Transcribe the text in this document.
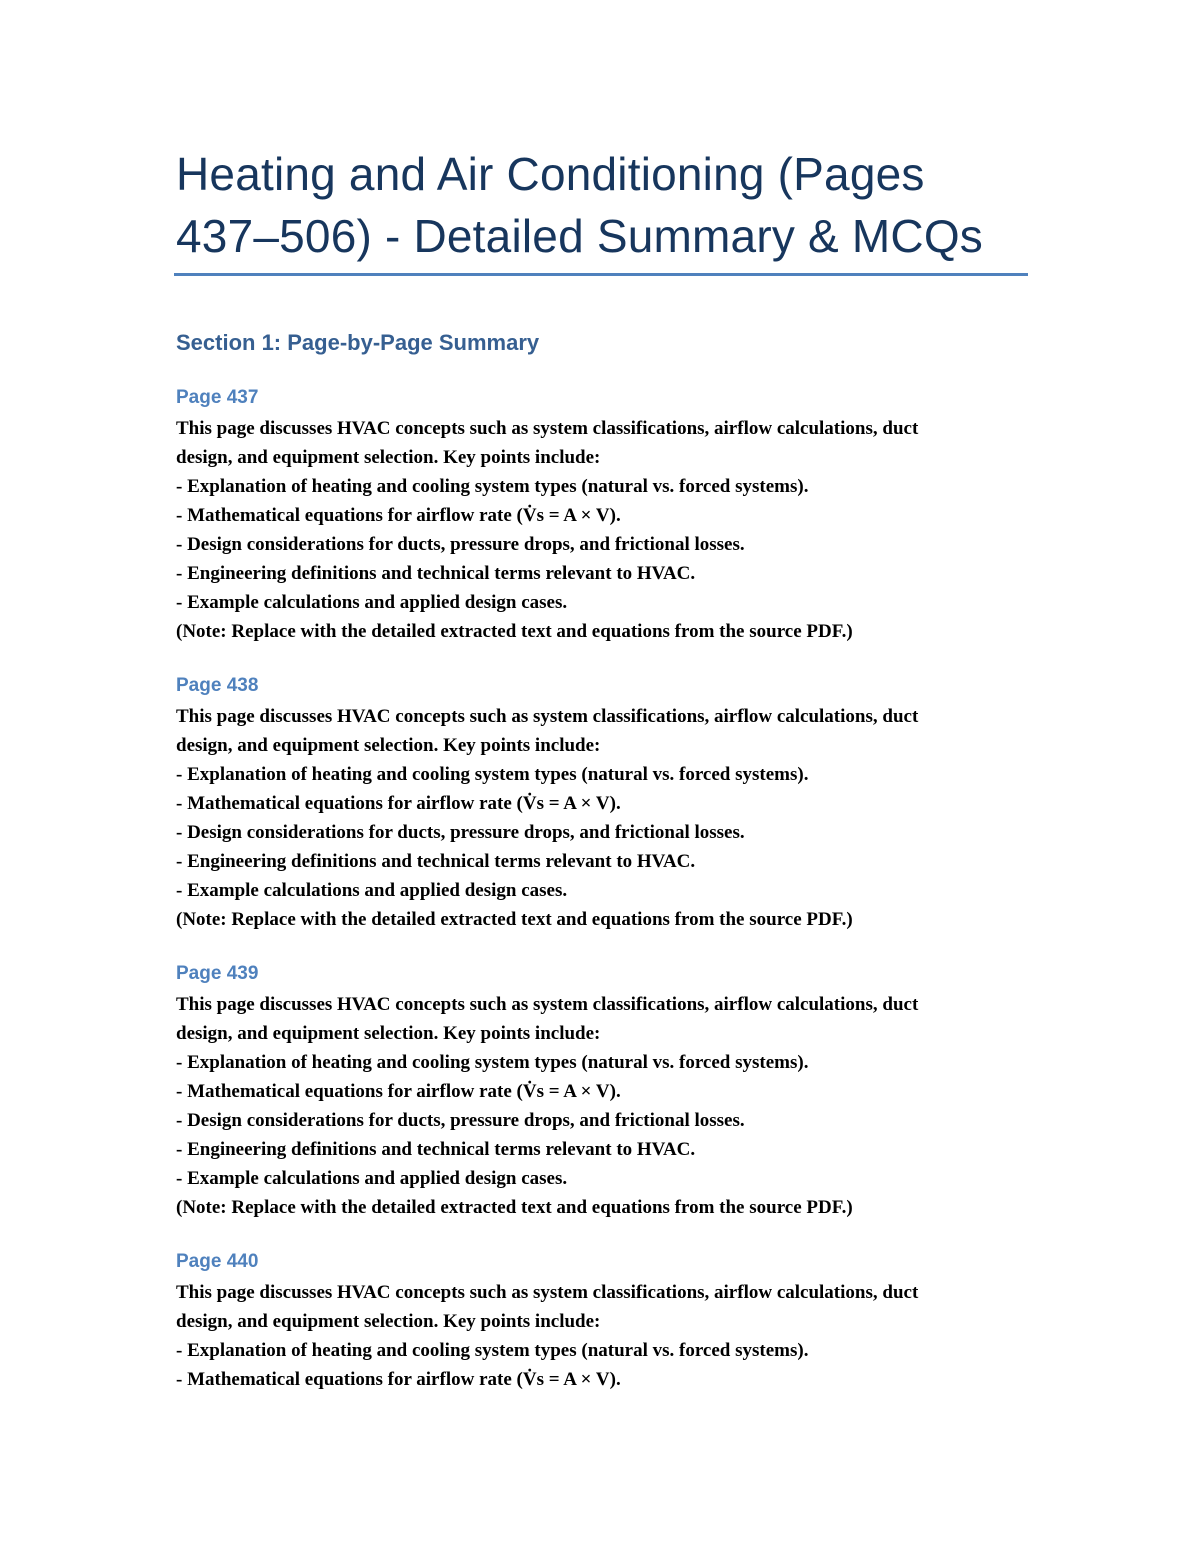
Heating and Air Conditioning (Pages
437–506) - Detailed Summary & MCQs
Section 1: Page-by-Page Summary
Page 437

This page discusses HVAC concepts such as system classifications, airflow calculations, duct

design, and equipment selection. Key points include:

- Explanation of heating and cooling system types (natural vs. forced systems).

- Mathematical equations for airflow rate (V̇s = A × V).

- Design considerations for ducts, pressure drops, and frictional losses.

- Engineering definitions and technical terms relevant to HVAC.

- Example calculations and applied design cases.

(Note: Replace with the detailed extracted text and equations from the source PDF.)

Page 438

This page discusses HVAC concepts such as system classifications, airflow calculations, duct

design, and equipment selection. Key points include:

- Explanation of heating and cooling system types (natural vs. forced systems).

- Mathematical equations for airflow rate (V̇s = A × V).

- Design considerations for ducts, pressure drops, and frictional losses.

- Engineering definitions and technical terms relevant to HVAC.

- Example calculations and applied design cases.

(Note: Replace with the detailed extracted text and equations from the source PDF.)

Page 439

This page discusses HVAC concepts such as system classifications, airflow calculations, duct

design, and equipment selection. Key points include:

- Explanation of heating and cooling system types (natural vs. forced systems).

- Mathematical equations for airflow rate (V̇s = A × V).

- Design considerations for ducts, pressure drops, and frictional losses.

- Engineering definitions and technical terms relevant to HVAC.

- Example calculations and applied design cases.

(Note: Replace with the detailed extracted text and equations from the source PDF.)

Page 440

This page discusses HVAC concepts such as system classifications, airflow calculations, duct

design, and equipment selection. Key points include:

- Explanation of heating and cooling system types (natural vs. forced systems).

- Mathematical equations for airflow rate (V̇s = A × V).
